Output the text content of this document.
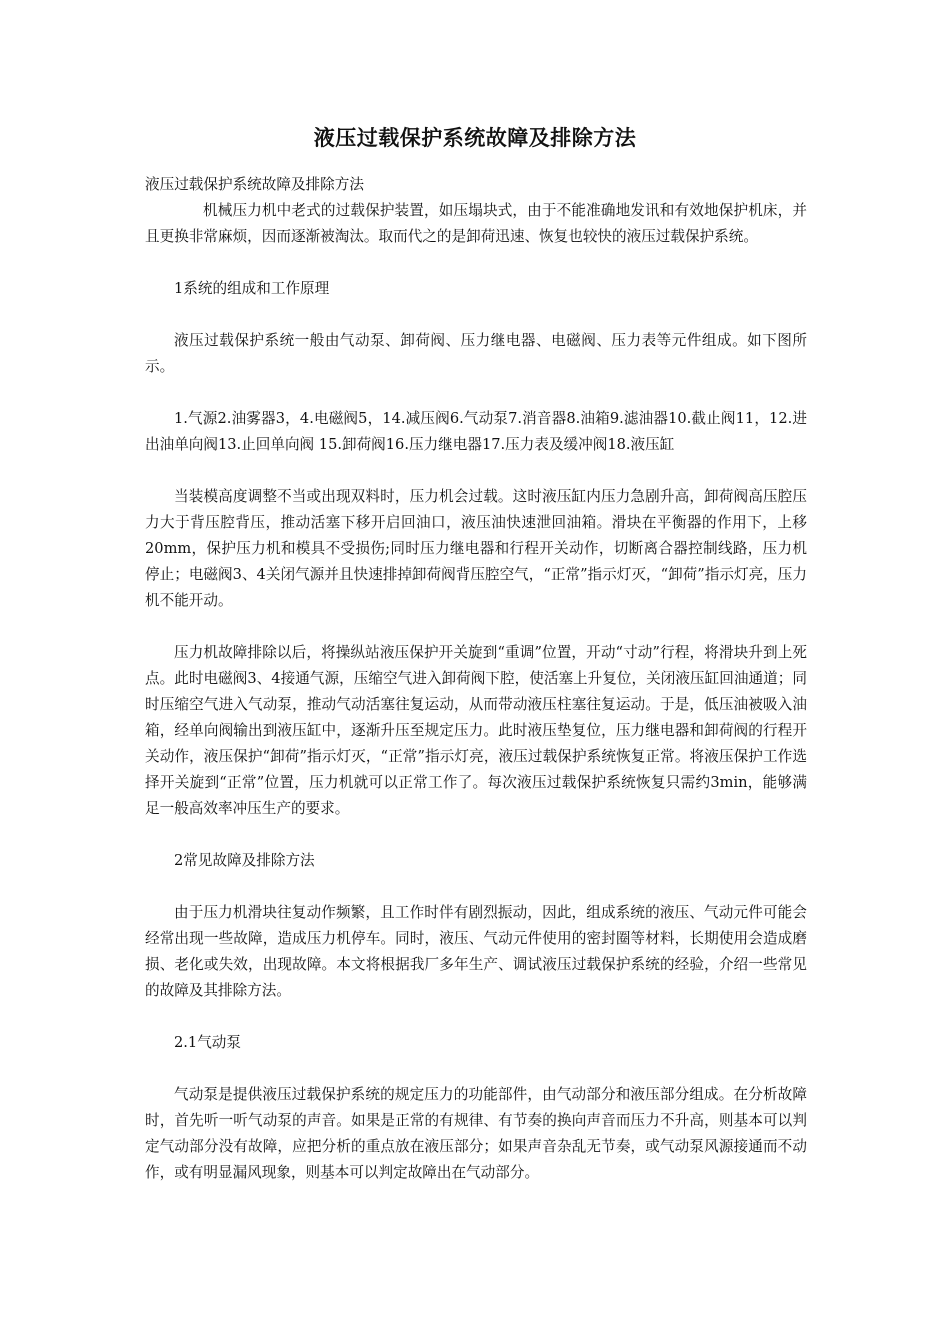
液压过载保护系统故障及排除方法

液压过载保护系统故障及排除方法

机械压力机中老式的过载保护装置，如压塌块式，由于不能准确地发讯和有效地保护机床，并且更换非常麻烦，因而逐渐被淘汰。取而代之的是卸荷迅速、恢复也较快的液压过载保护系统。

1系统的组成和工作原理

液压过载保护系统一般由气动泵、卸荷阀、压力继电器、电磁阀、压力表等元件组成。如下图所示。

1.气源2.油雾器3，4.电磁阀5，14.减压阀6.气动泵7.消音器8.油箱9.滤油器10.截止阀11，12.进出油单向阀13.止回单向阀 15.卸荷阀16.压力继电器17.压力表及缓冲阀18.液压缸

当装模高度调整不当或出现双料时，压力机会过载。这时液压缸内压力急剧升高，卸荷阀高压腔压力大于背压腔背压，推动活塞下移开启回油口，液压油快速泄回油箱。滑块在平衡器的作用下，上移20mm，保护压力机和模具不受损伤;同时压力继电器和行程开关动作，切断离合器控制线路，压力机停止；电磁阀3、4关闭气源并且快速排掉卸荷阀背压腔空气，“正常”指示灯灭，“卸荷”指示灯亮，压力机不能开动。

压力机故障排除以后，将操纵站液压保护开关旋到“重调”位置，开动“寸动”行程，将滑块升到上死点。此时电磁阀3、4接通气源，压缩空气进入卸荷阀下腔，使活塞上升复位，关闭液压缸回油通道；同时压缩空气进入气动泵，推动气动活塞往复运动，从而带动液压柱塞往复运动。于是，低压油被吸入油箱，经单向阀输出到液压缸中，逐渐升压至规定压力。此时液压垫复位，压力继电器和卸荷阀的行程开关动作，液压保护“卸荷”指示灯灭，“正常”指示灯亮，液压过载保护系统恢复正常。将液压保护工作选择开关旋到“正常”位置，压力机就可以正常工作了。每次液压过载保护系统恢复只需约3min，能够满足一般高效率冲压生产的要求。

2常见故障及排除方法

由于压力机滑块往复动作频繁，且工作时伴有剧烈振动，因此，组成系统的液压、气动元件可能会经常出现一些故障，造成压力机停车。同时，液压、气动元件使用的密封圈等材料，长期使用会造成磨损、老化或失效，出现故障。本文将根据我厂多年生产、调试液压过载保护系统的经验，介绍一些常见的故障及其排除方法。

2.1气动泵

气动泵是提供液压过载保护系统的规定压力的功能部件，由气动部分和液压部分组成。在分析故障时，首先听一听气动泵的声音。如果是正常的有规律、有节奏的换向声音而压力不升高，则基本可以判定气动部分没有故障，应把分析的重点放在液压部分；如果声音杂乱无节奏，或气动泵风源接通而不动作，或有明显漏风现象，则基本可以判定故障出在气动部分。
